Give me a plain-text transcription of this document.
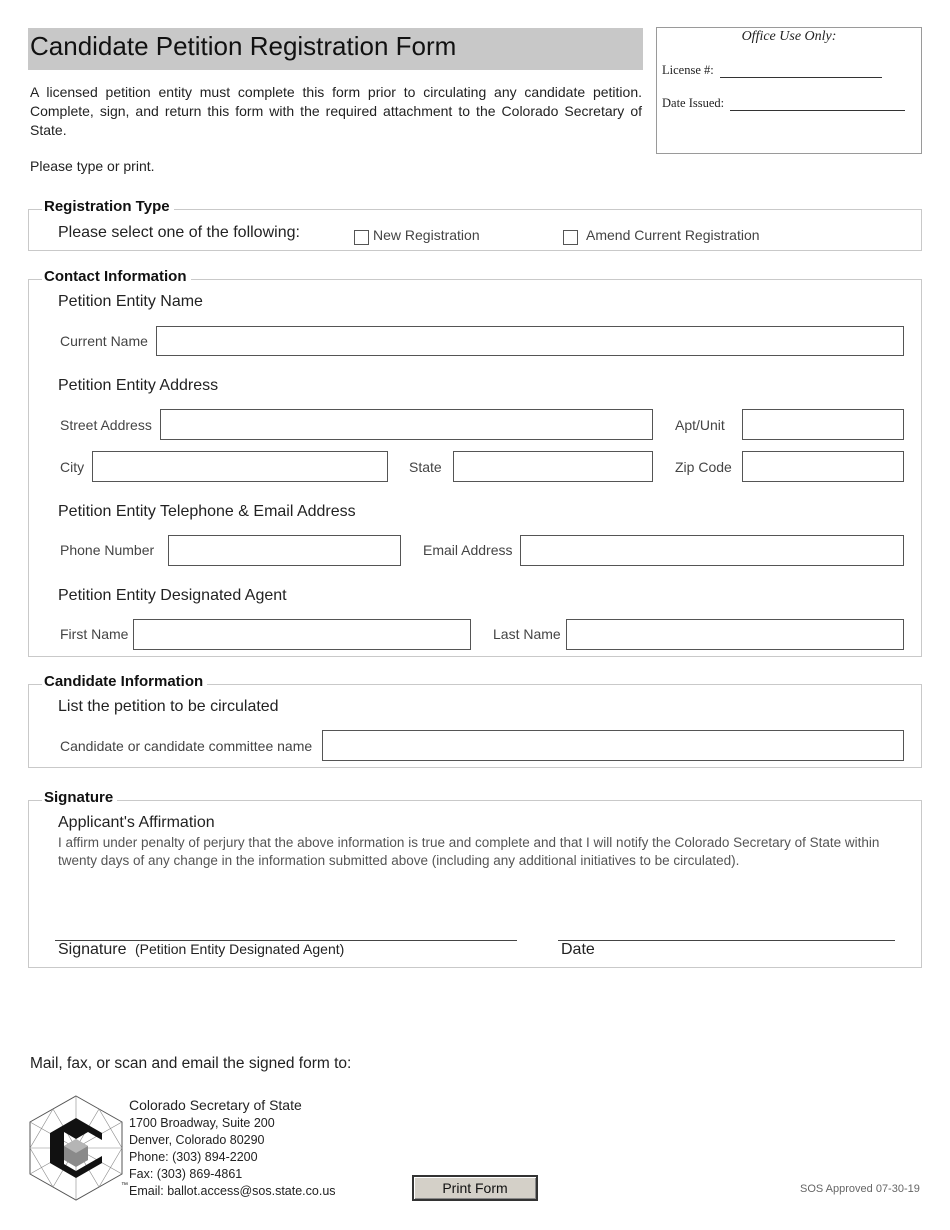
Candidate Petition Registration Form
A licensed petition entity must complete this form prior to circulating any candidate petition. Complete, sign, and return this form with the required attachment to the Colorado Secretary of State.
Please type or print.
Office Use Only:
License #:
Date Issued:
Registration Type
Please select one of the following:	New Registration	Amend Current Registration
Contact Information
Petition Entity Name
Current Name
Petition Entity Address
Street Address	Apt/Unit
City	State	Zip Code
Petition Entity Telephone & Email Address
Phone Number	Email Address
Petition Entity Designated Agent
First Name	Last Name
Candidate Information
List the petition to be circulated
Candidate or candidate committee name
Signature
Applicant's Affirmation
I affirm under penalty of perjury that the above information is true and complete and that I will notify the Colorado Secretary of State within twenty days of any change in the information submitted above (including any additional initiatives to be circulated).
Signature (Petition Entity Designated Agent)	Date
Mail, fax, or scan and email the signed form to:
™
Colorado Secretary of State
1700 Broadway, Suite 200
Denver, Colorado 80290
Phone: (303) 894-2200
Fax: (303) 869-4861
Email: ballot.access@sos.state.co.us	Print Form	SOS Approved 07-30-19
